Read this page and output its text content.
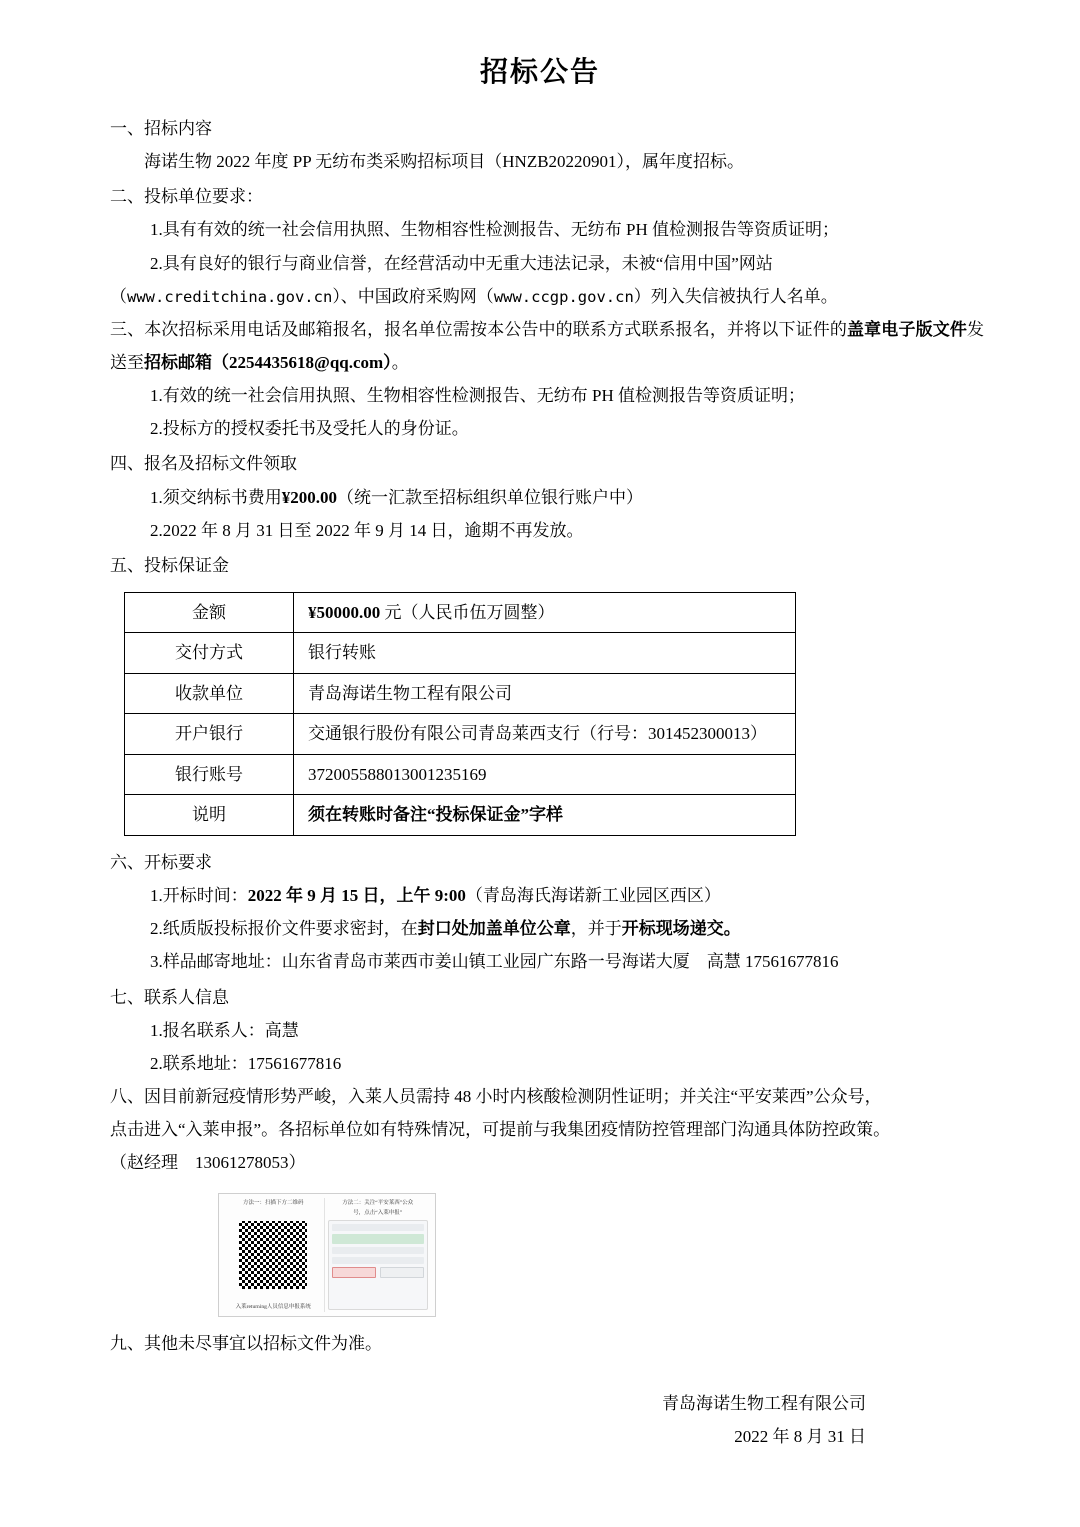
招标公告
一、招标内容
海诺生物 2022 年度 PP 无纺布类采购招标项目（HNZB20220901），属年度招标。
二、投标单位要求：
1.具有有效的统一社会信用执照、生物相容性检测报告、无纺布 PH 值检测报告等资质证明；
2.具有良好的银行与商业信誉，在经营活动中无重大违法记录，未被“信用中国”网站
（www.creditchina.gov.cn）、中国政府采购网（www.ccgp.gov.cn）列入失信被执行人名单。
三、本次招标采用电话及邮箱报名，报名单位需按本公告中的联系方式联系报名，并将以下证件的盖章电子版文件发送至招标邮箱（2254435618@qq.com）。
1.有效的统一社会信用执照、生物相容性检测报告、无纺布 PH 值检测报告等资质证明；
2.投标方的授权委托书及受托人的身份证。
四、报名及招标文件领取
1.须交纳标书费用¥200.00（统一汇款至招标组织单位银行账户中）
2.2022 年 8 月 31 日至 2022 年 9 月 14 日，逾期不再发放。
五、投标保证金
金额	¥50000.00 元（人民币伍万圆整）
交付方式	银行转账
收款单位	青岛海诺生物工程有限公司
开户银行	交通银行股份有限公司青岛莱西支行（行号：301452300013）
银行账号	372005588013001235169
说明	须在转账时备注“投标保证金”字样
六、开标要求
1.开标时间：2022 年 9 月 15 日，上午 9:00（青岛海氏海诺新工业园区西区）
2.纸质版投标报价文件要求密封，在封口处加盖单位公章，并于开标现场递交。
3.样品邮寄地址：山东省青岛市莱西市姜山镇工业园广东路一号海诺大厦　高慧 17561677816
七、联系人信息
1.报名联系人：高慧
2.联系地址：17561677816
八、因目前新冠疫情形势严峻，入莱人员需持 48 小时内核酸检测阴性证明；并关注“平安莱西”公众号，
点击进入“入莱申报”。各招标单位如有特殊情况，可提前与我集团疫情防控管理部门沟通具体防控政策。
（赵经理　13061278053）
方法一：扫描下方二维码
入莱returning人员信息申报系统
方法二：关注“平安莱西”公众
号，点击“入莱申报”
九、其他未尽事宜以招标文件为准。
青岛海诺生物工程有限公司
2022 年 8 月 31 日
